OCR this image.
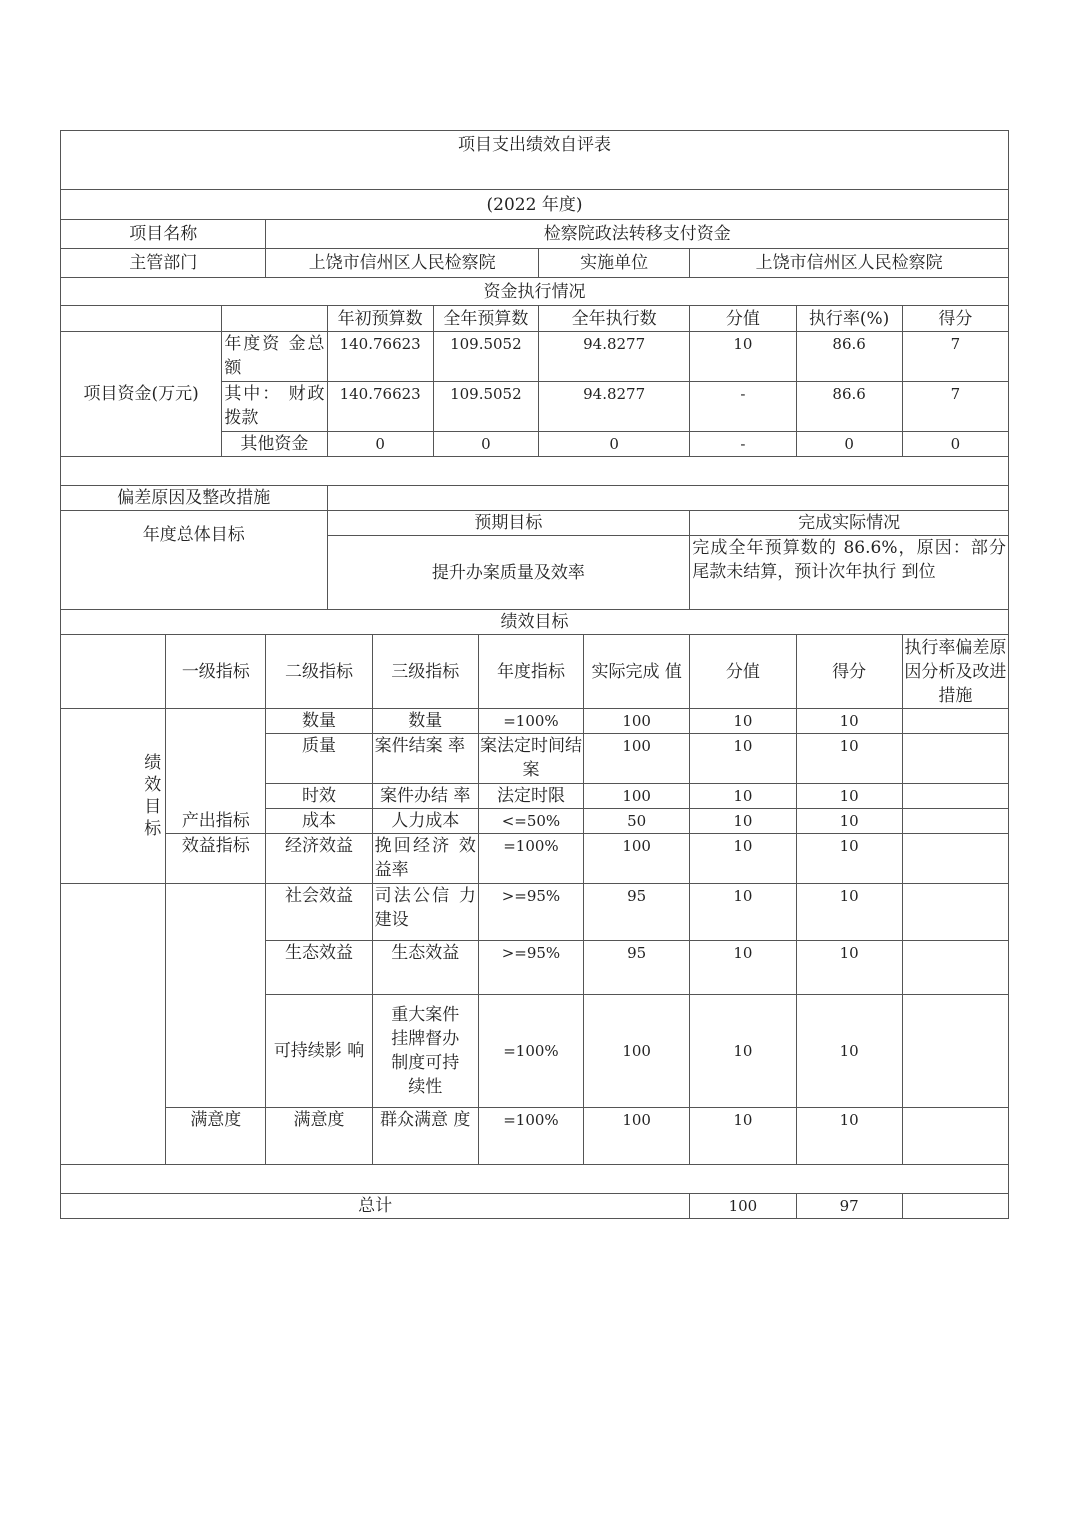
项目支出绩效自评表												
(2022 年度)												
项目名称			检察院政法转移支付资金									
主管部门			上饶市信州区人民检察院					实施单位		上饶市信州区人民检察院		
资金执行情况												
				年初预算数		全年预算数		全年执行数		分值	执行率(%)	得分
项目资金(万元)		年度资 金总额		140.76623		109.5052		94.8277		10	86.6	7
		其中： 财政拨款		140.76623		109.5052		94.8277		-	86.6	7
		其他资金		0		0		0		-	0	0

偏差原因及整改措施												
年度总体目标				预期目标						完成实际情况		
				提升办案质量及效率						完成全年预算数的 86.6%，原因：部分尾款未结算，预计次年执行 到位		
绩效目标												
	一级指标		二级指标		三级指标		年度指标		实际完成 值	分值	得分	执行率偏差原因分析及改进措施
绩效目标	产出指标		数量		数量		=100%		100	10	10	
			质量		案件结案 率		案法定时间结案		100	10	10	
			时效		案件办结 率		法定时限		100	10	10	
			成本		人力成本		<=50%		50	10	10	
	效益指标		经济效益		挽回经济 效益率		=100%		100	10	10	
			社会效益		司法公信 力建设		>=95%		95	10	10	
			生态效益		生态效益		>=95%		95	10	10	
			可持续影 响		重大案件挂牌督办制度可持续性		=100%		100	10	10	
	满意度		满意度		群众满意 度		=100%		100	10	10	

总计										100	97	
